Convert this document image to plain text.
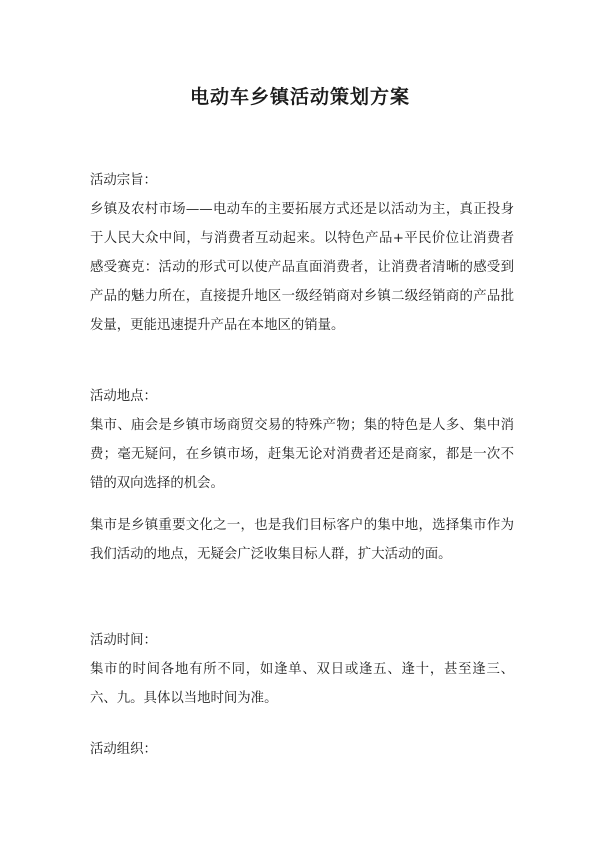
电动车乡镇活动策划方案

活动宗旨：

乡镇及农村市场——电动车的主要拓展方式还是以活动为主，真正投身于人民大众中间，与消费者互动起来。以特色产品+平民价位让消费者感受赛克：活动的形式可以使产品直面消费者，让消费者清晰的感受到产品的魅力所在，直接提升地区一级经销商对乡镇二级经销商的产品批发量，更能迅速提升产品在本地区的销量。

活动地点：

集市、庙会是乡镇市场商贸交易的特殊产物；集的特色是人多、集中消费；毫无疑问，在乡镇市场，赶集无论对消费者还是商家，都是一次不错的双向选择的机会。

集市是乡镇重要文化之一，也是我们目标客户的集中地，选择集市作为我们活动的地点，无疑会广泛收集目标人群，扩大活动的面。

活动时间：

集市的时间各地有所不同，如逢单、双日或逢五、逢十，甚至逢三、六、九。具体以当地时间为准。

活动组织：
